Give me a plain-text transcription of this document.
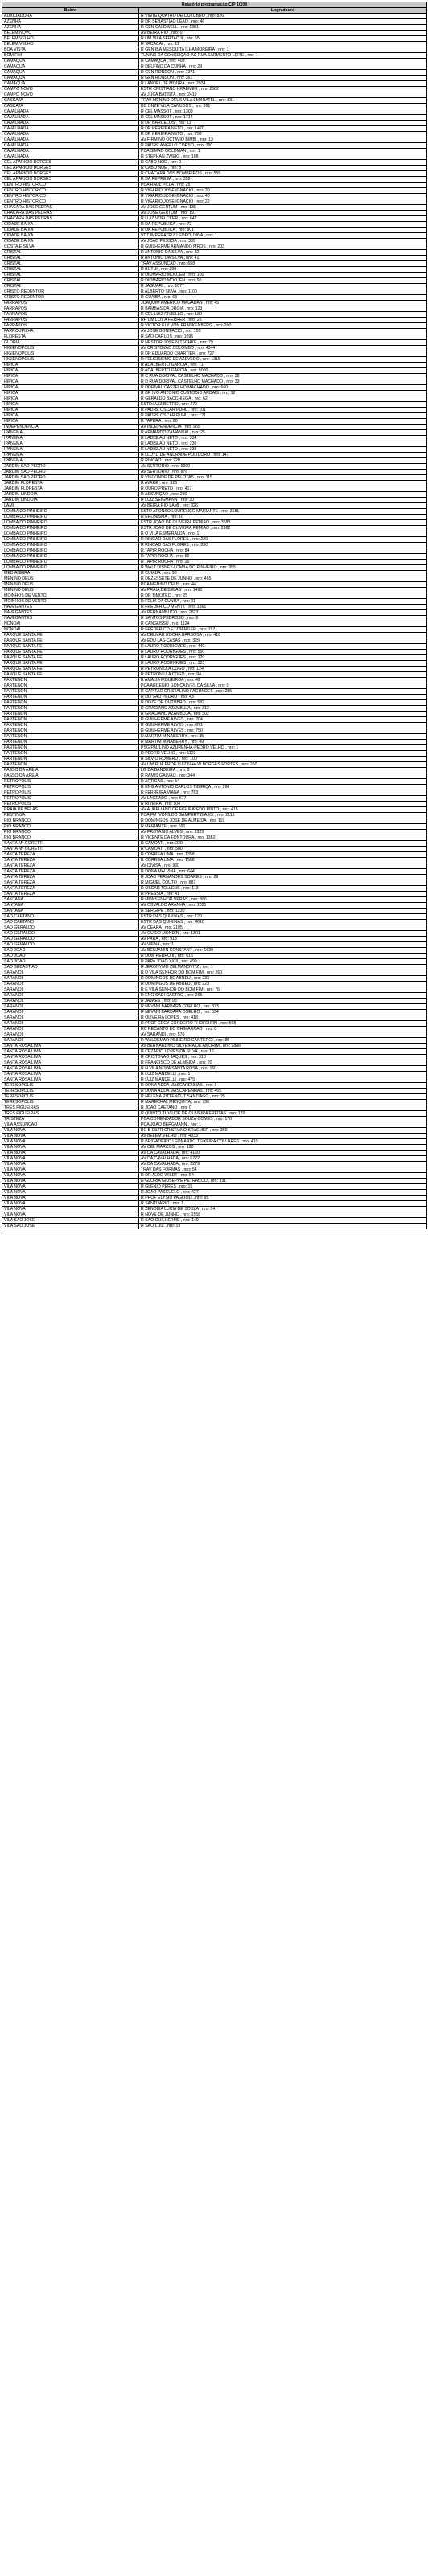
Relatório programação CIP 10/09	
Bairro	Logradouro
AUXILIADORA	R VINTE QUATRO DE OUTUBRO , nro: 826
AZENHA	R DR SEBASTIAO LEAO , nro: 46
AZENHA	R GEN CALDWELL , nro: 1301
BELEM NOVO	AV BEIRA RIO , nro: 0
BELEM VELHO	R UM VILA SERTAO II , nro: 55
BELEM VELHO	R VACACAI , nro: 11
BOA VISTA	R GEN IBA MESQUITA ILHA MOREIRA , nro: 1
BOM FIM	TUN NS DA CONCEIÇÃO-AC RUA SARMENTO LEITE , nro: 1
CAMAQUA	R CAMAQUA , nro: 408
CAMAQUA	R DELFINO DA CUNHA , nro: 29
CAMAQUA	R GEN RONDON , nro: 1371
CAMAQUA	R GEN RONDON , nro: 361
CAMAQUA	R LANDEL DE MOURA , nro: 2934
CAMPO NOVO	ESTR CRISTIANO KRAEMER , nro: 2582
CAMPO NOVO	AV JUCA BATISTA , nro: 2410
CASCATA	TRAV MENINO DEUS VILA EMBRATEL , nro: 231
CASCATA	BC ONZE VILA CANUDOS , nro: 261
CAVALHADA	R CEL MASSOT , nro: 1309
CAVALHADA	R CEL MASSOT , nro: 1714
CAVALHADA	R DR BARCELOS , nro: 11
CAVALHADA	R DR PEREIRA NETO , nro: 1470
CAVALHADA	R DR PEREIRA NETO , nro: 792
CAVALHADA	AV FIRMINO OCTAVIO BIMBI , nro: 13
CAVALHADA	R PADRE ANGELO CORSO , nro: 190
CAVALHADA	PCA SIMAO GOLDMAN , nro: 1
CAVALHADA	R STEPHAN ZWEIG , nro: 188
CEL APARICIO BORGES	R CABO NOE , nro: 0
CEL APARICIO BORGES	R CABO NOE , nro: 8
CEL APARICIO BORGES	R CHACARA DOS BOMBEIROS , nro: 555
CEL APARICIO BORGES	R DA REPRESA , nro: 358
CENTRO HISTORICO	PCA RAUL PILLA , nro: 25
CENTRO HISTORICO	R VIGARIO JOSÉ IGNACIO , nro: 30
CENTRO HISTORICO	R VIGARIO JOSÉ IGNACIO , nro: 40
CENTRO HISTORICO	R VIGARIO JOSÉ IGNACIO , nro: 22
CHACARA DAS PEDRAS	AV JOSE GERTUM , nro: 135
CHACARA DAS PEDRAS	AV JOSE GERTUM , nro: 191
CHACARA DAS PEDRAS	R LUIZ VOELCKER , nro: 647
CIDADE BAIXA	R DA REPUBLICA , nro: 72
CIDADE BAIXA	R DA REPUBLICA , nro: 801
CIDADE BAIXA	VDT IMPERATRIZ LEOPOLDINA , nro: 1
CIDADE BAIXA	AV JOAO PESSOA , nro: 369
COSTA E SILVA	R GUILHERME ARMANDO MROS , nro: 203
CRISTAL	R ANTONIO DA SILVA , nro: 32
CRISTAL	R ANTONIO DA SILVA , nro: 41
CRISTAL	TRAV ASSUNÇÃO , nro: 658
CRISTAL	R BUTUI , nro: 390
CRISTAL	R DIOMARIO MOOJEN , nro: 100
CRISTAL	R DIOMARIO MOOJEN , nro: 95
CRISTAL	R JAGUARI , nro: 1077
CRISTO REDENTOR	R ALBERTO SILVA , nro: 1100
CRISTO REDENTOR	R GUAIBA , nro: 63
FARRAPOS	JOAQUIM AMERICO MAGADAN , nro: 45
FARRAPOS	R BAMBAS DA ORGIA , nro: 123
FARRAPOS	R CEL LUIZ RIVIELLO , nro: 180
FARRAPOS	RP UM LOT A FERRER , nro: 26
FARRAPOS	R VICTOR ELY VON FRANKENBERG , nro: 200
FARROUPILHA	AV JOSE BONIFACIO , nro: 199
FLORESTA	R SAO CARLOS , nro: 1095
GLORIA	R NESTOR JOSE NITSCHKE , nro: 79
HIGIENOPOLIS	AV CRISTOVAO COLOMBO , nro: 4344
HIGIENOPOLIS	R DR EDUARDO CHARTIER , nro: 727
HIGIENOPOLIS	R FELICISSIMO DE AZEVEDO , nro: 1315
HIPICA	R ADALBERTO GARCIA , nro: 71
HIPICA	R ADALBERTO GARCIA , nro: 5000
HIPICA	R C RUA DORIVAL CASTELHO MACHADO , nro: 28
HIPICA	R D RUA DORIVAL CASTELHO MACHADO , nro: 33
HIPICA	R DORIVAL CASTELHO MACHADO , nro: 660
HIPICA	R DR IVO ANTONIO CUSTODIO ARDAIS , nro: 12
HIPICA	R GERALDO BACCHIEGA , nro: 62
HIPICA	ESTR LUIZ BETTIO , nro: 270
HIPICA	R PADRE OSCAR PUHL , nro: 101
HIPICA	R PADRE OSCAR PUHL , nro: 121
HIPICA	R TAPERA , nro: 80
INDEPENDENCIA	AV INDEPENDENCIA , nro: 965
IPANEMA	R ARMANDO ZAMANSKI , nro: 25
IPANEMA	R LADISLAU NETO , nro: 334
IPANEMA	R LADISLAU NETO , nro: 230
IPANEMA	R LADISLAU NETO , nro: 239
IPANEMA	R LLOYD DE ANDRADE POLIDORO , nro: 141
IPANEMA	R RINCAO , nro: 220
JARDIM SÃO PEDRO	AV SERTORIO , nro: 9200
JARDIM SÃO PEDRO	AV SERTORIO , nro: 876
JARDIM SÃO PEDRO	R VISCONDE DE PELOTAS , nro: 115
JARDIM FLORESTA	R AVARE , nro: 323
JARDIM FLORESTA	R OURO PRETO , nro: 417
JARDIM LINDOIA	R ASSUNÇÃO , nro: 280
JARDIM LINDOIA	R LUIZ SEIGMANN , nro: 30
LAMI	AV BEIRA RIO LAMI , nro: 326
LOMBA DO PINHEIRO	ESTR AFONSO LOURENÇO MARIANTE , nro: 3581
LOMBA DO PINHEIRO	R ERONISMA , nro: 16
LOMBA DO PINHEIRO	ESTR JOAO DE OLIVEIRA REMIAO , nro: 3583
LOMBA DO PINHEIRO	ESTR JOAO DE OLIVEIRA REMIAO , nro: 2982
LOMBA DO PINHEIRO	R O VILA ESMERALDA , nro: 1
LOMBA DO PINHEIRO	R RINCAO DAS FLORES , nro: 220
LOMBA DO PINHEIRO	R RINCAO DAS FLORES , nro: 390
LOMBA DO PINHEIRO	R TAPIR ROCHA , nro: 84
LOMBA DO PINHEIRO	R TAPIR ROCHA , nro: 65
LOMBA DO PINHEIRO	R TAPIR ROCHA , nro: 25
LOMBA DO PINHEIRO	R WALT DISNEY-LOMBA DO PINHEIRO , nro: 355
MEDIANEIRA	R CUIABA , nro: 90
MENINO DEUS	R DEZESSETE DE JUNHO , nro: 465
MENINO DEUS	PCA MENINO DEUS , nro: 44
MENINO DEUS	AV PRAIA DE BELAS , nro: 1490
MOINHOS DE VENTO	R DR TIMOTEO , nro: 25
MOINHOS DE VENTO	R FELIX DA CUNHA , nro: 91
NAVEGANTES	R FREDERICO MENTZ , nro: 1561
NAVEGANTES	AV PERNAMBUCO , nro: 2823
NAVEGANTES	R SANTOS PEDROSO , nro: 8
NONOAI	R CANGUSSU , nro: 1124
NONOAI	R FREDERICO ETZBERGER , nro: 157
PARQUE SANTA FE	AV DELMAR ROCHA BARBOSA , nro: 418
PARQUE SANTA FE	AV EDU LAS-CASAS , nro: 329
PARQUE SANTA FE	R LAURO RODRIGUES , nro: 440
PARQUE SANTA FE	R LAURO RODRIGUES , nro: 550
PARQUE SANTA FE	R LAURO RODRIGUES , nro: 120
PARQUE SANTA FE	R LAURO RODRIGUES , nro: 323
PARQUE SANTA FE	R PETRONILLA COGO , nro: 124
PARQUE SANTA FE	R PETRONILLA COGO , nro: 94
PARTENON	R AMALIA FIGUEIROA , nro: 42
PARTENON	PCA ARCENIO GONÇALVES DA SILVA , nro: 0
PARTENON	R CAPITAO CRISTALINO FAGUNDES , nro: 285
PARTENON	R DO SAO PEDRO , nro: 43
PARTENON	R DOZE DE OUTUBRO , nro: 583
PARTENON	R GRACIANO AZAMBUJA , nro: 312
PARTENON	R GRACIANO AZAMBUJA , nro: 302
PARTENON	R GUILHERME ALVES , nro: 704
PARTENON	R GUILHERME ALVES , nro: 671
PARTENON	R GUILHERME ALVES , nro: 750
PARTENON	R MARTIM MINABERRY , nro: 35
PARTENON	R MARTIM MINABERRY , nro: 49
PARTENON	PSG PAULINO AZURENHA-PEDRO VELHO , nro: 1
PARTENON	R PEDRO VELHO , nro: 1123
PARTENON	R SILVIO ROMERO , nro: 100
PARTENON	AV UM RUA PROF LUIZINHA W BORGES FORTES , nro: 260
PASSO DA AREIA	LG DA BANDEIRA , nro: 2
PASSO DA AREIA	R RAMIS GALVAO , nro: 344
PETROPOLIS	R ARTIGAS , nro: 54
PETROPOLIS	R ENG ANTONIO CARLOS TIBIRIÇA , nro: 290
PETROPOLIS	R FERREIRA VIANA , nro: 783
PETROPOLIS	AV LAGEADO , nro: 677
PETROPOLIS	R RIVEIRA , nro: 104
PRAIA DE BELAS	AV AURELIANO DE FIGUEIREDO PINTO , nro: 415
RESTINGA	PCA FM IVONILDO GAMPERT BIASSI , nro: 2118
RIO BRANCO	R DOMINGOS JOSE DE ALMEIDA , nro: 119
RIO BRANCO	R MARIANTE , nro: 691
RIO BRANCO	AV PROTASIO ALVES , nro: 8323
RIO BRANCO	R VICENTE DA FONTOURA , nro: 1362
SANTA Mª GORETTI	R CAMOATI , nro: 230
SANTA Mª GORETTI	R CAMOATI , nro: 500
SANTA TEREZA	R CORREA LIMA , nro: 1358
SANTA TEREZA	R CORREA LIMA , nro: 1568
SANTA TEREZA	AV DIVISA , nro: 960
SANTA TEREZA	R DONA MALVINA , nro: 644
SANTA TEREZA	R JOAO FERNANDES SOARES , nro: 29
SANTA TEREZA	R MIGUEL COUTO , nro: 883
SANTA TEREZA	R OSCAR TOLLENS , nro: 113
SANTA TEREZA	R PRESSIA , nro: 41
SANTANA	R MONSENHOR VERAS , nro: 386
SANTANA	AV OSVALDO ARANHA , nro: 1021
SANTANA	R SERGIPE , nro: 1230
SAO CAETANO	ESTR DAS QUIRINAS , nro: 120
SÃO CAETANO	ESTR DAS QUIRINAS , nro: 4010
SÃO GERALDO	AV CEARA , nro: 2105
SÃO GERALDO	AV GUIDO MONDIN , nro: 1301
SÃO GERALDO	AV PARA , nro: 913
SÃO GERALDO	AV VIENA , nro: 1
SÃO JOAO	AV BENJAMIN CONSTANT , nro: 1630
SÃO JOAO	R DOM PEDRO II , nro: 616
SÃO JOAO	R PAPA JOAO XXIII , nro: 499
SÃO SEBASTIÃO	R JERONYMO ZELMANOVITZ , nro: 1
SARANDI	R D VILA SENHOR DO BOM FIM , nro: 260
SARANDI	R DOMINGOS DE ABREU , nro: 233
SARANDI	R DOMINGOS DE ABREU , nro: 223
SARANDI	R E VILA SENHOR DO BOM FIM , nro: 76
SARANDI	R ENG SADI CASTRO , nro: 265
SARANDI	R JAVAES , nro: 95
SARANDI	R NEVANI BARBARA COELHO , nro: 373
SARANDI	R NEVANI BARBARA COELHO , nro: 534
SARANDI	R OLIVEIRA LOPES , nro: 418
SARANDI	R PROF CECY CORDEIRO THOFEHRN , nro: 598
SARANDI	RC RECANTO DO CHIMARRAO , nro: 8
SARANDI	AV SARANDI , nro: 570
SARANDI	R WALDEMAR PINHEIRO CANTERGI , nro: 80
SANTA ROSA LIMA	AV BERNARDINO SILVEIRA DE AMORIM , nro: 2886
SANTA ROSA LIMA	R CEZARIO LOPES DA SILVA , nro: 16
SANTA ROSA LIMA	R CRISTOVAO JAQUES , nro: 310
SANTA ROSA LIMA	R FRANCISCO DE ALMEIDA , nro: 20
SANTA ROSA LIMA	R H VILA NOVA SANTA ROSA , nro: 160
SANTA ROSA LIMA	R LUIZ MANDELLI , nro: 1
SANTA ROSA LIMA	R LUIZ MANDELLI , nro: 475
TERESÓPOLIS	R DONA ADDA MASCARENHAS , nro: 1
TERESÓPOLIS	R DONA ADDA MASCARENHAS , nro: 465
TERESÓPOLIS	R HELENA PITTENCUT SANTIAGO , nro: 25
TERESÓPOLIS	R MARECHAL MESQUITA , nro: 736
TRES FIGUEIRAS	R JOAO CAETANO , nro: 0
TRES FIGUEIRAS	R QUINTO TUVIUDE DE OLIVEIRA FREITAS , nro: 120
TRISTEZA	PCA COMENDADOR SOUZA GOMES , nro: 170
VILA ASSUNÇÃO	PCA JOAO BERGMANN , nro: 1
VILA NOVA	BC B ESTR CRISTIANO KRAEMER , nro: 360
VILA NOVA	AV BELEM VELHO , nro: 4333
VILA NOVA	R BRIGADEIRO LEONARDO TEIXEIRA COLLARES , nro: 410
VILA NOVA	AV CEL MARCOS , nro: 120
VILA NOVA	AV DA CAVALHADA , nro: 4160
VILA NOVA	AV DA CAVALHADA , nro: 6722
VILA NOVA	AV DA CAVALHADA , nro: 2279
VILA NOVA	TRAV DAS FORMAS , nro: 54
VILA NOVA	R DR ALDO WILDT , nro: 54
VILA NOVA	R GLORIA GIUSEPPE PETRACCO , nro: 331
VILA NOVA	R GLENIO PERES , nro: 15
VILA NOVA	R JOAO PASSUELO , nro: 427
VILA NOVA	R PROF ELYSIU PAGLIOLI , nro: 95
VILA NOVA	R SANTUARIO , nro: 1
VILA NOVA	R ZENOBIA LUCIA DE SOUZA , nro: 24
VILA NOVA	R NOVE DE JUNHO , nro: 1558
VILA SÃO JOSÉ	R SÃO GUILHERME , nro: 149
VILA SÃO JOSÉ	R SAO LUIZ , nro: 19
